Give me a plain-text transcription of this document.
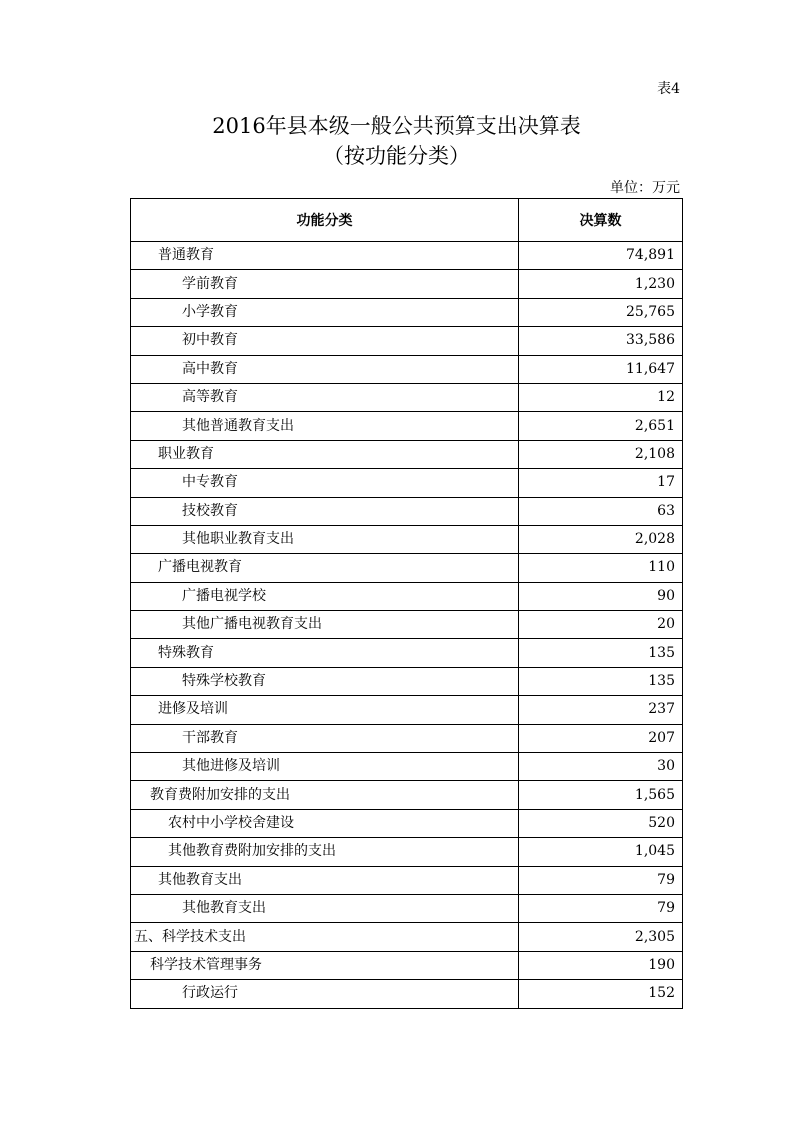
表4
2016年县本级一般公共预算支出决算表
（按功能分类）
单位：万元
功能分类	决算数
普通教育	74,891
学前教育	1,230
小学教育	25,765
初中教育	33,586
高中教育	11,647
高等教育	12
其他普通教育支出	2,651
职业教育	2,108
中专教育	17
技校教育	63
其他职业教育支出	2,028
广播电视教育	110
广播电视学校	90
其他广播电视教育支出	20
特殊教育	135
特殊学校教育	135
进修及培训	237
干部教育	207
其他进修及培训	30
教育费附加安排的支出	1,565
农村中小学校舍建设	520
其他教育费附加安排的支出	1,045
其他教育支出	79
其他教育支出	79
五、科学技术支出	2,305
科学技术管理事务	190
行政运行	152
